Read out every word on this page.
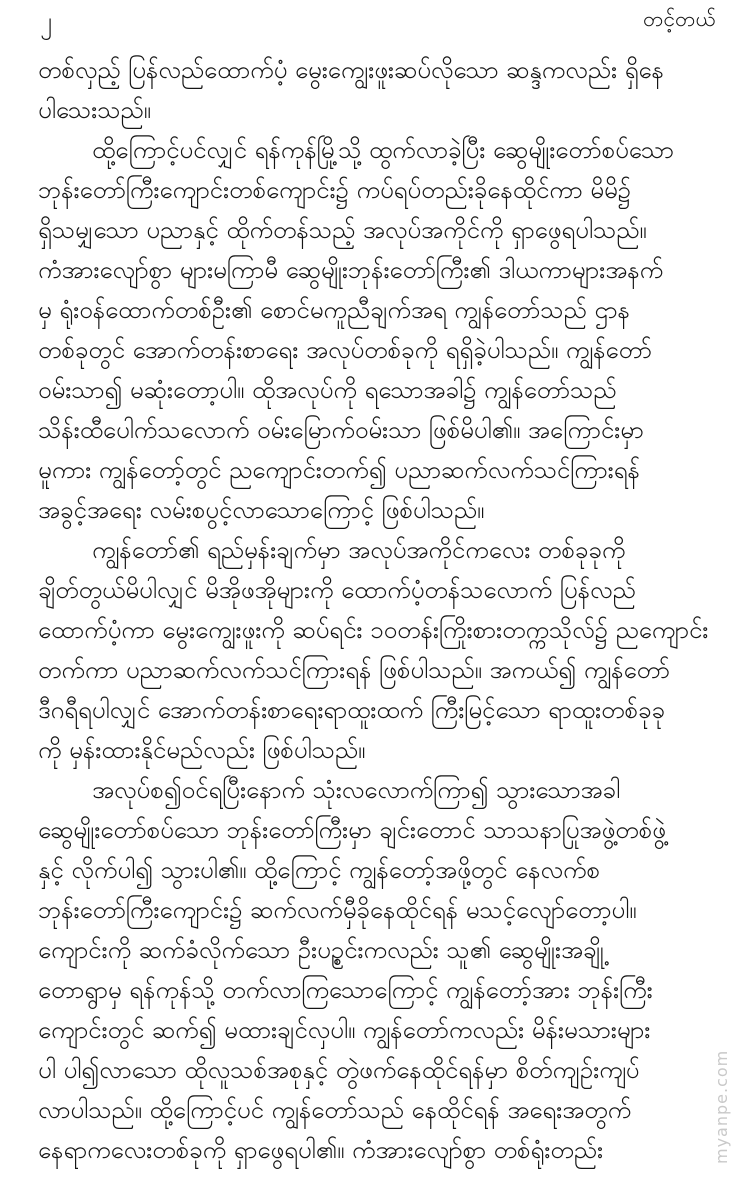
၂	တင့်တယ်

တစ်လှည့် ပြန်လည်ထောက်ပံ့ မွေးကျွေးဖူးဆပ်လိုသော ဆန္ဒကလည်း ရှိနေ
ပါသေးသည်။

ထို့ကြောင့်ပင်လျှင် ရန်ကုန်မြို့သို့ ထွက်လာခဲ့ပြီး ဆွေမျိုးတော်စပ်သော
ဘုန်းတော်ကြီးကျောင်းတစ်ကျောင်း၌ ကပ်ရပ်တည်းခိုနေထိုင်ကာ မိမိ၌
ရှိသမျှသော ပညာနှင့် ထိုက်တန်သည့် အလုပ်အကိုင်ကို ရှာဖွေရပါသည်။
ကံအားလျော်စွာ များမကြာမီ ဆွေမျိုးဘုန်းတော်ကြီး၏ ဒါယကာများအနက်
မှ ရုံးဝန်ထောက်တစ်ဦး၏ စောင်မကူညီချက်အရ ကျွန်တော်သည် ဌာန
တစ်ခုတွင် အောက်တန်းစာရေး အလုပ်တစ်ခုကို ရရှိခဲ့ပါသည်။ ကျွန်တော်
ဝမ်းသာ၍ မဆုံးတော့ပါ။ ထိုအလုပ်ကို ရသောအခါ၌ ကျွန်တော်သည်
သိန်းထီပေါက်သလောက် ဝမ်းမြောက်ဝမ်းသာ ဖြစ်မိပါ၏။ အကြောင်းမှာ
မူကား ကျွန်တော့်တွင် ညကျောင်းတက်၍ ပညာဆက်လက်သင်ကြားရန်
အခွင့်အရေး လမ်းစပွင့်လာသောကြောင့် ဖြစ်ပါသည်။

ကျွန်တော်၏ ရည်မှန်းချက်မှာ အလုပ်အကိုင်ကလေး တစ်ခုခုကို
ချိတ်တွယ်မိပါလျှင် မိအိုဖအိုများကို ထောက်ပံ့တန်သလောက် ပြန်လည်
ထောက်ပံ့ကာ မွေးကျွေးဖူးကို ဆပ်ရင်း ၁၀တန်းကြိုးစားတက္ကသိုလ်၌ ညကျောင်း
တက်ကာ ပညာဆက်လက်သင်ကြားရန် ဖြစ်ပါသည်။ အကယ်၍ ကျွန်တော်
ဒီဂရီရပါလျှင် အောက်တန်းစာရေးရာထူးထက် ကြီးမြင့်သော ရာထူးတစ်ခုခု
ကို မှန်းထားနိုင်မည်လည်း ဖြစ်ပါသည်။

အလုပ်စ၍ဝင်ရပြီးနောက် သုံးလလောက်ကြာ၍ သွားသောအခါ
ဆွေမျိုးတော်စပ်သော ဘုန်းတော်ကြီးမှာ ချင်းတောင် သာသနာပြုအဖွဲ့တစ်ဖွဲ့
နှင့် လိုက်ပါ၍ သွားပါ၏။ ထို့ကြောင့် ကျွန်တော့်အဖို့တွင် နေလက်စ
ဘုန်းတော်ကြီးကျောင်း၌ ဆက်လက်မှီခိုနေထိုင်ရန် မသင့်လျော်တော့ပါ။
ကျောင်းကို ဆက်ခံလိုက်သော ဦးပဥ္စင်းကလည်း သူ၏ ဆွေမျိုးအချို့
တောရွာမှ ရန်ကုန်သို့ တက်လာကြသောကြောင့် ကျွန်တော့်အား ဘုန်းကြီး
ကျောင်းတွင် ဆက်၍ မထားချင်လှပါ။ ကျွန်တော်ကလည်း မိန်းမသားများ
ပါ ပါ၍လာသော ထိုလူသစ်အစုနှင့် တွဲဖက်နေထိုင်ရန်မှာ စိတ်ကျဉ်းကျပ်
လာပါသည်။ ထို့ကြောင့်ပင် ကျွန်တော်သည် နေထိုင်ရန် အရေးအတွက်
နေရာကလေးတစ်ခုကို ရှာဖွေရပါ၏။ ကံအားလျော်စွာ တစ်ရုံးတည်း	myanpe.com
